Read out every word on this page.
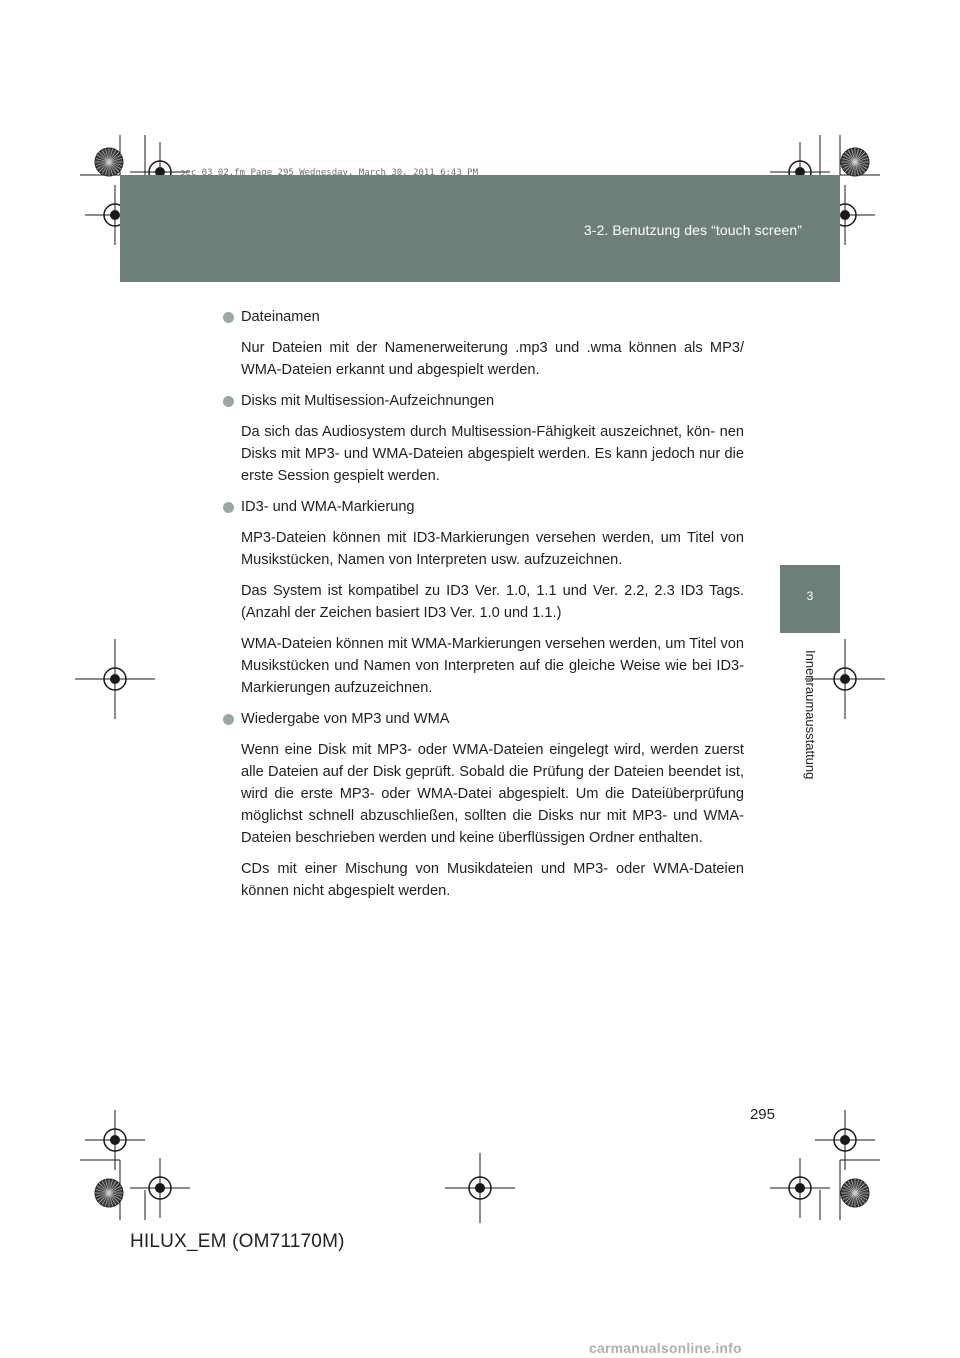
3-2. Benutzung des “touch screen”
sec_03_02.fm Page 295 Wednesday, March 30, 2011 6:43 PM
3
Innenraumausstattung
Dateinamen

Nur Dateien mit der Namenerweiterung .mp3 und .wma können als MP3/ WMA-Dateien erkannt und abgespielt werden.

Disks mit Multisession-Aufzeichnungen

Da sich das Audiosystem durch Multisession-Fähigkeit auszeichnet, kön- nen Disks mit MP3- und WMA-Dateien abgespielt werden. Es kann jedoch nur die erste Session gespielt werden.

ID3- und WMA-Markierung

MP3-Dateien können mit ID3-Markierungen versehen werden, um Titel von Musikstücken, Namen von Interpreten usw. aufzuzeichnen.

Das System ist kompatibel zu ID3 Ver. 1.0, 1.1 und Ver. 2.2, 2.3 ID3 Tags. (Anzahl der Zeichen basiert ID3 Ver. 1.0 und 1.1.)

WMA-Dateien können mit WMA-Markierungen versehen werden, um Titel von Musikstücken und Namen von Interpreten auf die gleiche Weise wie bei ID3-Markierungen aufzuzeichnen.

Wiedergabe von MP3 und WMA

Wenn eine Disk mit MP3- oder WMA-Dateien eingelegt wird, werden zuerst alle Dateien auf der Disk geprüft. Sobald die Prüfung der Dateien beendet ist, wird die erste MP3- oder WMA-Datei abgespielt. Um die Dateiüberprüfung möglichst schnell abzuschließen, sollten die Disks nur mit MP3- und WMA-Dateien beschrieben werden und keine überflüssigen Ordner enthalten.

CDs mit einer Mischung von Musikdateien und MP3- oder WMA-Dateien können nicht abgespielt werden.

295
HILUX_EM (OM71170M)
carmanualsonline.info
